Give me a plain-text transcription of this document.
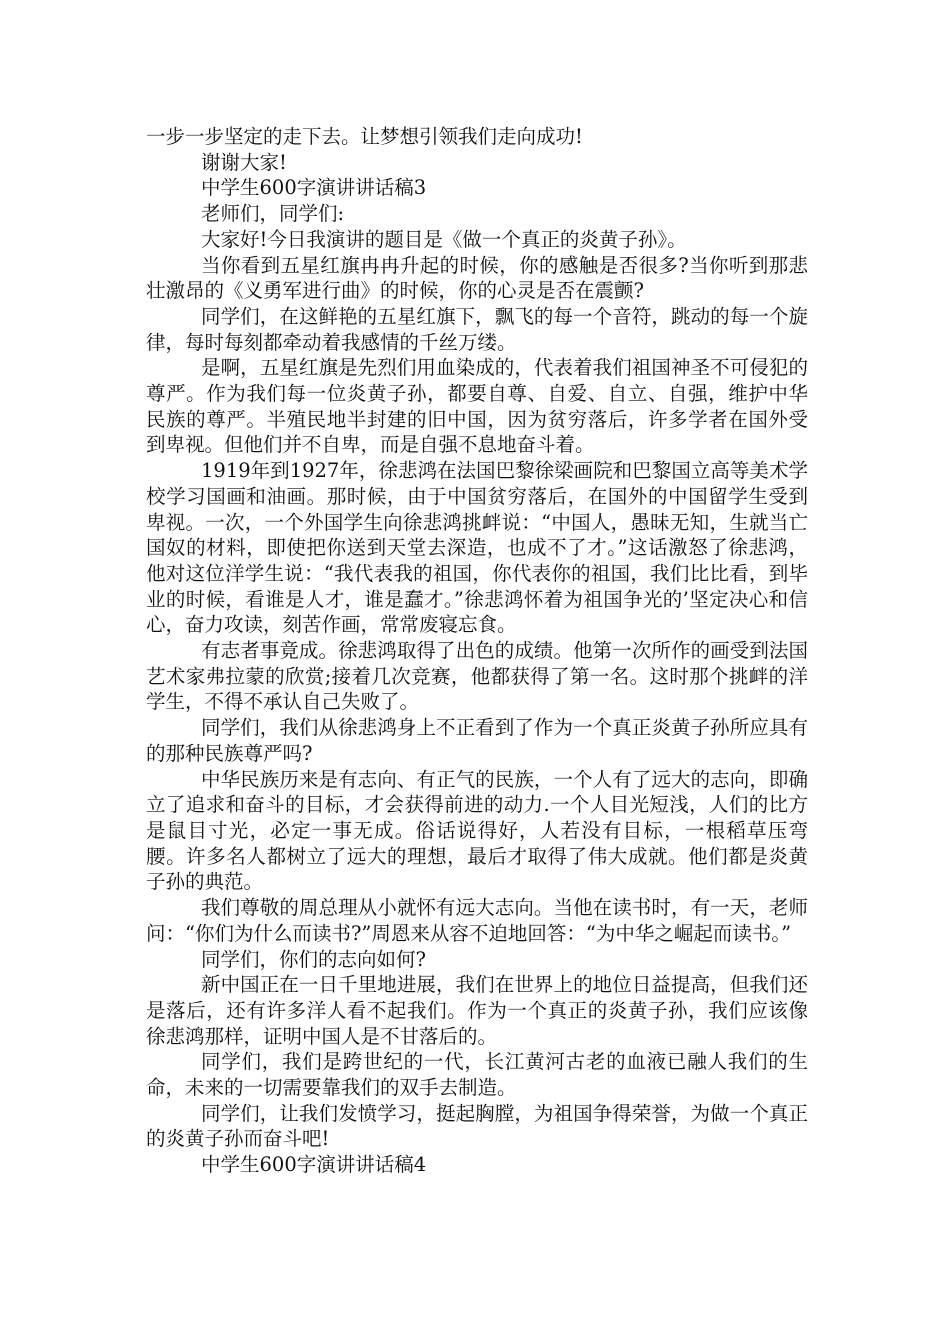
一步一步坚定的走下去。让梦想引领我们走向成功!

谢谢大家!

中学生600字演讲讲话稿3

老师们，同学们:

大家好!今日我演讲的题目是《做一个真正的炎黄子孙》。

当你看到五星红旗冉冉升起的时候，你的感触是否很多?当你听到那悲壮激昂的《义勇军进行曲》的时候，你的心灵是否在震颤?

同学们，在这鲜艳的五星红旗下，飘飞的每一个音符，跳动的每一个旋律，每时每刻都牵动着我感情的千丝万缕。

是啊，五星红旗是先烈们用血染成的，代表着我们祖国神圣不可侵犯的尊严。作为我们每一位炎黄子孙，都要自尊、自爱、自立、自强，维护中华民族的尊严。半殖民地半封建的旧中国，因为贫穷落后，许多学者在国外受到卑视。但他们并不自卑，而是自强不息地奋斗着。

1919年到1927年，徐悲鸿在法国巴黎徐梁画院和巴黎国立高等美术学校学习国画和油画。那时候，由于中国贫穷落后，在国外的中国留学生受到卑视。一次，一个外国学生向徐悲鸿挑衅说：“中国人，愚昧无知，生就当亡国奴的材料，即使把你送到天堂去深造，也成不了才。”这话激怒了徐悲鸿，他对这位洋学生说：“我代表我的祖国，你代表你的祖国，我们比比看，到毕业的时候，看谁是人才，谁是蠢才。”徐悲鸿怀着为祖国争光的’坚定决心和信心，奋力攻读，刻苦作画，常常废寝忘食。

有志者事竟成。徐悲鸿取得了出色的成绩。他第一次所作的画受到法国艺术家弗拉蒙的欣赏;接着几次竞赛，他都获得了第一名。这时那个挑衅的洋学生，不得不承认自己失败了。

同学们，我们从徐悲鸿身上不正看到了作为一个真正炎黄子孙所应具有的那种民族尊严吗?

中华民族历来是有志向、有正气的民族，一个人有了远大的志向，即确立了追求和奋斗的目标，才会获得前进的动力.一个人目光短浅，人们的比方是鼠目寸光，必定一事无成。俗话说得好，人若没有目标，一根稻草压弯腰。许多名人都树立了远大的理想，最后才取得了伟大成就。他们都是炎黄子孙的典范。

我们尊敬的周总理从小就怀有远大志向。当他在读书时，有一天，老师问：“你们为什么而读书?”周恩来从容不迫地回答：“为中华之崛起而读书。”

同学们，你们的志向如何?

新中国正在一日千里地进展，我们在世界上的地位日益提高，但我们还是落后，还有许多洋人看不起我们。作为一个真正的炎黄子孙，我们应该像徐悲鸿那样，证明中国人是不甘落后的。

同学们，我们是跨世纪的一代，长江黄河古老的血液已融人我们的生命，未来的一切需要靠我们的双手去制造。

同学们，让我们发愤学习，挺起胸膛，为祖国争得荣誉，为做一个真正的炎黄子孙而奋斗吧!

中学生600字演讲讲话稿4
